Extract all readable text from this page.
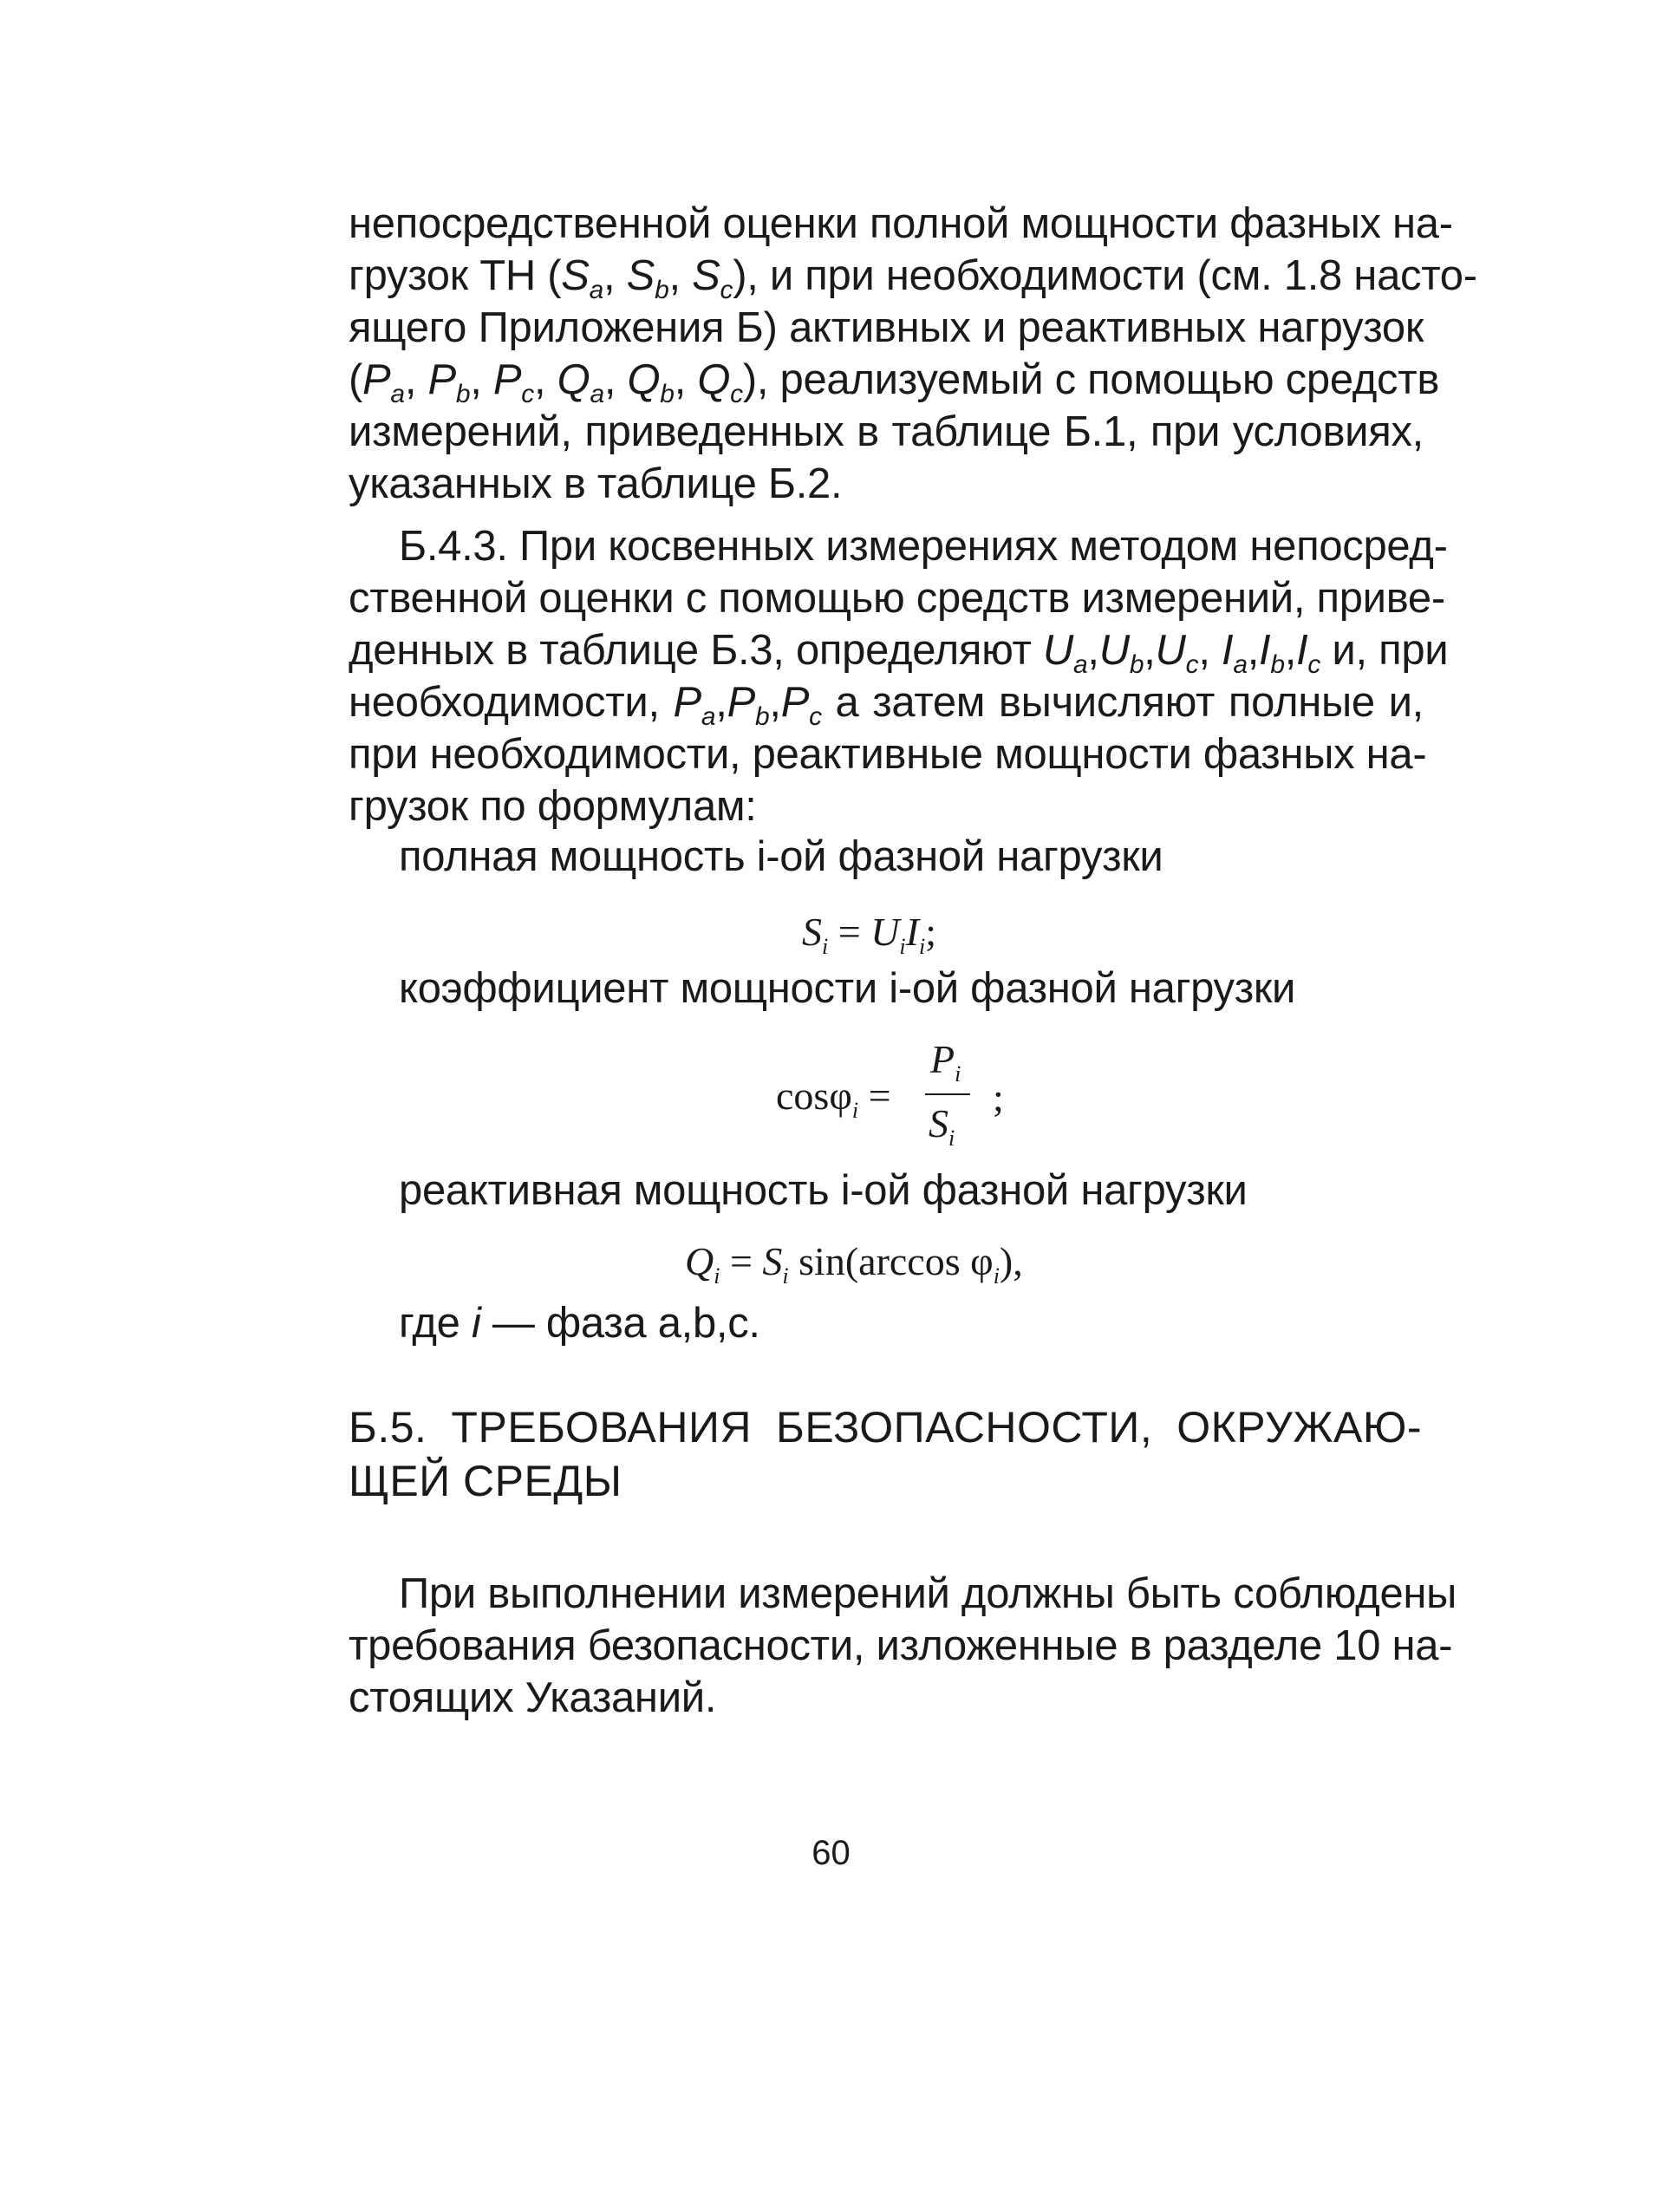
непосредственной оценки полной мощности фазных на-
грузок ТН ($S_a$, $S_b$, $S_c$), и при необходимости (см. 1.8 насто-
ящего Приложения Б) активных и реактивных нагрузок
($P_a$, $P_b$, $P_c$, $Q_a$, $Q_b$, $Q_c$), реализуемый с помощью средств
измерений, приведенных в таблице Б.1, при условиях,
указанных в таблице Б.2.
Б.4.3. При косвенных измерениях методом непосред-
ственной оценки с помощью средств измерений, приве-
денных в таблице Б.3, определяют $U_a,U_b,U_c$, $I_a,I_b,I_c$ и, при
необходимости, $P_a,P_b,P_c$ а затем вычисляют полные и,
при необходимости, реактивные мощности фазных на-
грузок по формулам:
полная мощность i-ой фазной нагрузки
$S_i = U_iI_i$;
коэффициент мощности i-ой фазной нагрузки
cosφ$_i$ =
$P_i$
$S_i$
;
реактивная мощность i-ой фазной нагрузки
$Q_i = S_i$ sin(arccos $\varphi_i$),
где i — фаза a,b,c.
Б.5. ТРЕБОВАНИЯ БЕЗОПАСНОСТИ, ОКРУЖАЮ-
ЩЕЙ СРЕДЫ
При выполнении измерений должны быть соблюдены
требования безопасности, изложенные в разделе 10 на-
стоящих Указаний.
60
